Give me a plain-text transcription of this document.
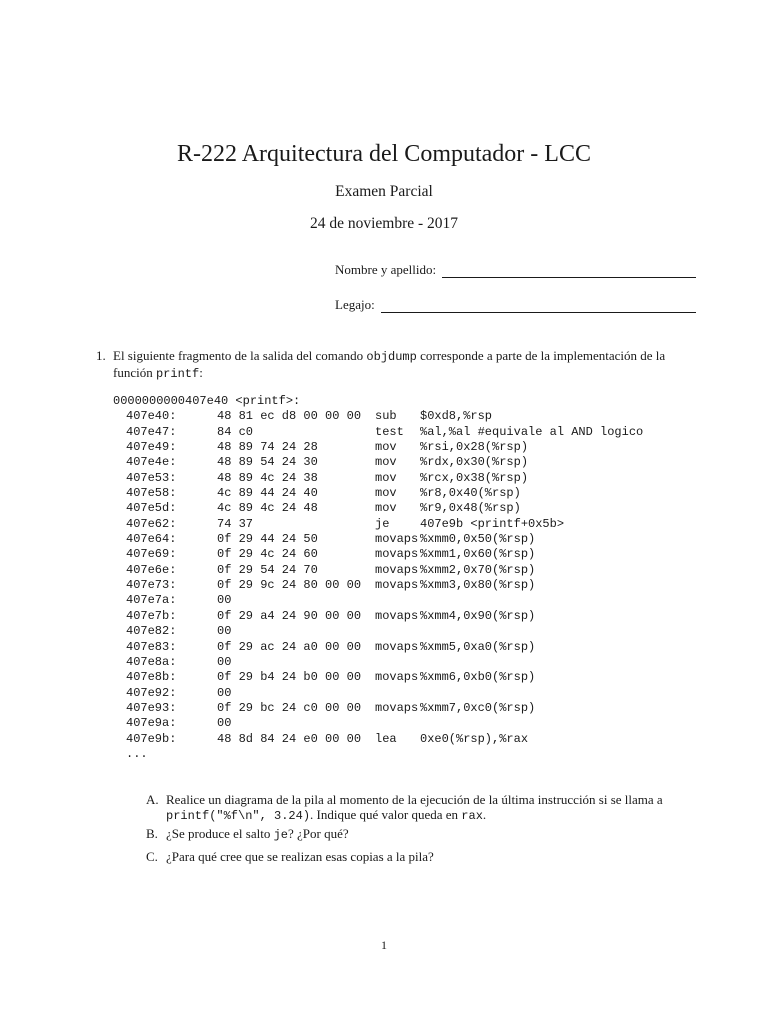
R-222 Arquitectura del Computador - LCC
Examen Parcial
24 de noviembre - 2017
Nombre y apellido:
Legajo:
1. El siguiente fragmento de la salida del comando objdump corresponde a parte de la implementación de la función printf:
0000000000407e40 <printf>:
407e40:	48 81 ec d8 00 00 00 sub $0xd8,%rsp
407e47:	84 c0	test %al,%al #equivale al AND logico
407e49:	48 89 74 24 28	mov %rsi,0x28(%rsp)
407e4e:	48 89 54 24 30	mov %rdx,0x30(%rsp)
407e53:	48 89 4c 24 38	mov %rcx,0x38(%rsp)
407e58:	4c 89 44 24 40	mov %r8,0x40(%rsp)
407e5d:	4c 89 4c 24 48	mov %r9,0x48(%rsp)
407e62:	74 37	je	407e9b <printf+0x5b>
407e64:	0f 29 44 24 50	movaps %xmm0,0x50(%rsp)
407e69:	0f 29 4c 24 60	movaps %xmm1,0x60(%rsp)
407e6e:	0f 29 54 24 70	movaps %xmm2,0x70(%rsp)
407e73:	0f 29 9c 24 80 00 00 movaps %xmm3,0x80(%rsp)
407e7a:	00
407e7b:	0f 29 a4 24 90 00 00 movaps %xmm4,0x90(%rsp)
407e82:	00
407e83:	0f 29 ac 24 a0 00 00 movaps %xmm5,0xa0(%rsp)
407e8a:	00
407e8b:	0f 29 b4 24 b0 00 00 movaps %xmm6,0xb0(%rsp)
407e92:	00
407e93:	0f 29 bc 24 c0 00 00 movaps %xmm7,0xc0(%rsp)
407e9a:	00
407e9b:	48 8d 84 24 e0 00 00 lea 0xe0(%rsp),%rax
...
A. Realice un diagrama de la pila al momento de la ejecución de la última instrucción si se llama a printf("%f\n", 3.24). Indique qué valor queda en rax.
B. ¿Se produce el salto je? ¿Por qué?
C. ¿Para qué cree que se realizan esas copias a la pila?
1
